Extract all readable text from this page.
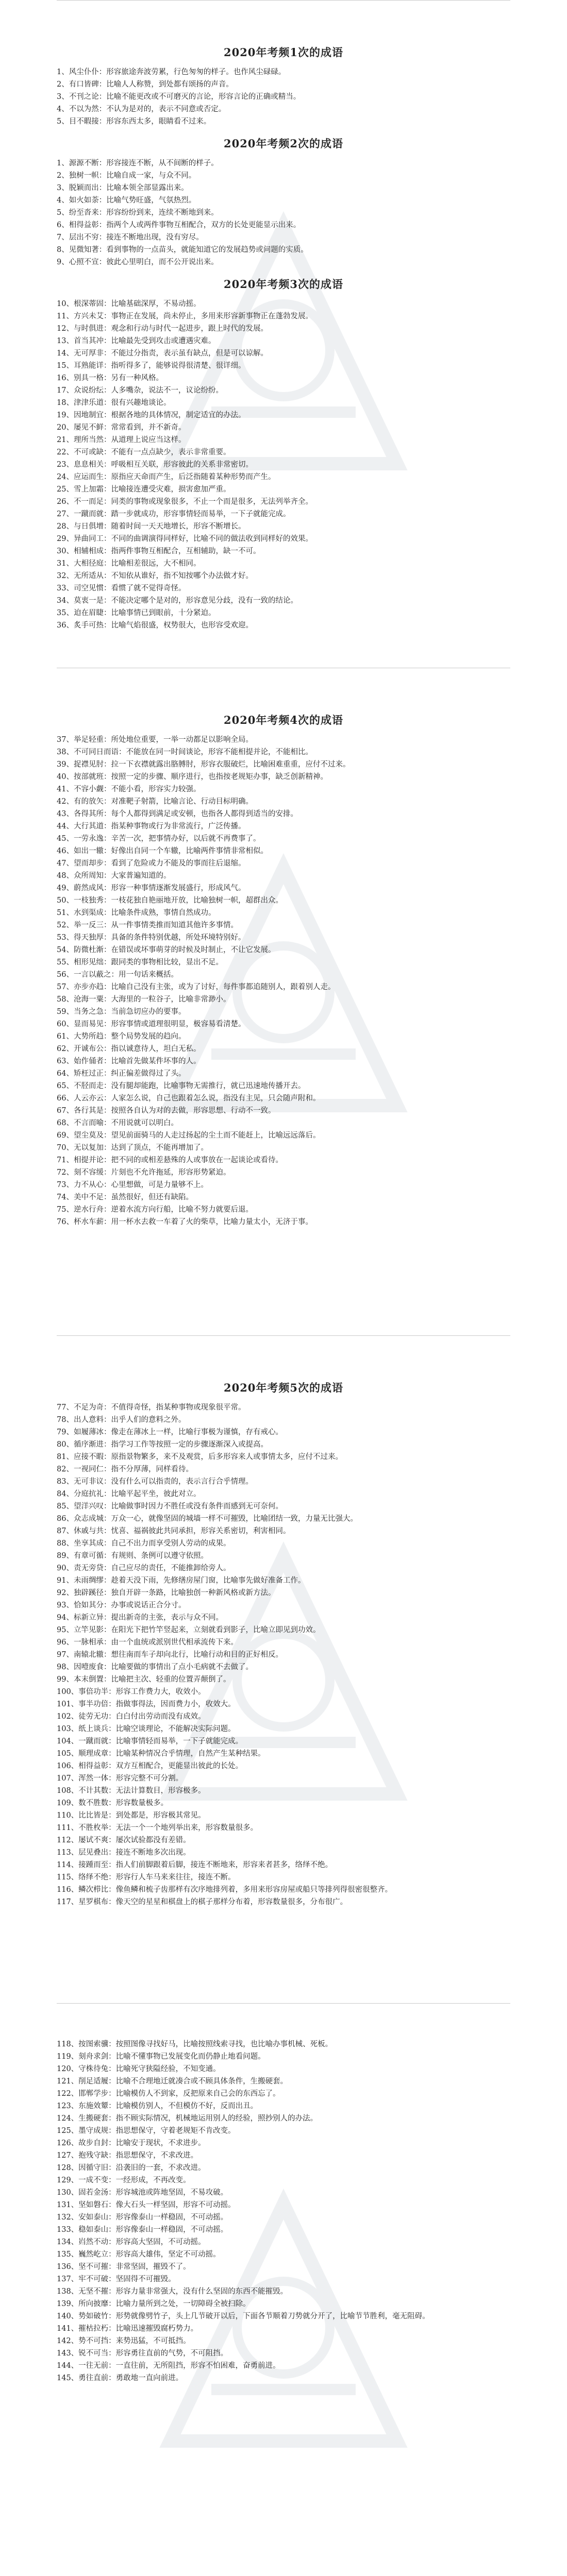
2020年考频1次的成语
1、风尘仆仆：形容旅途奔波劳累，行色匆匆的样子。也作风尘碌碌。
2、有口皆碑：比喻人人称赞，到处都有颂扬的声音。
3、不刊之论：比喻不能更改或不可磨灭的言论，形容言论的正确或精当。
4、不以为然：不认为是对的，表示不同意或否定。
5、目不暇接：形容东西太多，眼睛看不过来。
2020年考频2次的成语
1、源源不断：形容接连不断，从不间断的样子。
2、独树一帜：比喻自成一家，与众不同。
3、脱颖而出：比喻本领全部显露出来。
4、如火如荼：比喻气势旺盛，气氛热烈。
5、纷至沓来：形容纷纷到来，连续不断地到来。
6、相得益彰：指两个人或两件事物互相配合，双方的长处更能显示出来。
7、层出不穷：接连不断地出现，没有穷尽。
8、见微知著：看到事物的一点苗头，就能知道它的发展趋势或问题的实质。
9、心照不宣：彼此心里明白，而不公开说出来。
2020年考频3次的成语
10、根深蒂固：比喻基础深厚，不易动摇。
11、方兴未艾：事物正在发展，尚未停止，多用来形容新事物正在蓬勃发展。
12、与时俱进：观念和行动与时代一起进步，跟上时代的发展。
13、首当其冲：比喻最先受到攻击或遭遇灾难。
14、无可厚非：不能过分指责，表示虽有缺点，但是可以谅解。
15、耳熟能详：指听得多了，能够说得很清楚、很详细。
16、别具一格：另有一种风格。
17、众说纷纭：人多嘴杂，说法不一，议论纷纷。
18、津津乐道：很有兴趣地谈论。
19、因地制宜：根据各地的具体情况，制定适宜的办法。
20、屡见不鲜：常常看到，并不新奇。
21、理所当然：从道理上说应当这样。
22、不可或缺：不能有一点点缺少，表示非常重要。
23、息息相关：呼吸相互关联，形容彼此的关系非常密切。
24、应运而生：原指应天命而产生，后泛指随着某种形势而产生。
25、雪上加霜：比喻接连遭受灾难，损害愈加严重。
26、不一而足：同类的事物或现象很多，不止一个而是很多，无法列举齐全。
27、一蹴而就：踏一步就成功，形容事情轻而易举，一下子就能完成。
28、与日俱增：随着时间一天天地增长，形容不断增长。
29、异曲同工：不同的曲调演得同样好，比喻不同的做法收到同样好的效果。
30、相辅相成：指两件事物互相配合，互相辅助，缺一不可。
31、大相径庭：比喻相差很远，大不相同。
32、无所适从：不知依从谁好，指不知按哪个办法做才好。
33、司空见惯：看惯了就不觉得奇怪。
34、莫衷一是：不能决定哪个是对的，形容意见分歧，没有一致的结论。
35、迫在眉睫：比喻事情已到眼前，十分紧迫。
36、炙手可热：比喻气焰很盛，权势很大，也形容受欢迎。
2020年考频4次的成语
37、举足轻重：所处地位重要，一举一动都足以影响全局。
38、不可同日而语：不能放在同一时间谈论，形容不能相提并论，不能相比。
39、捉襟见肘：拉一下衣襟就露出胳膊肘，形容衣服破烂，比喻困难重重，应付不过来。
40、按部就班：按照一定的步骤、顺序进行，也指按老规矩办事，缺乏创新精神。
41、不容小觑：不能小看，形容实力较强。
42、有的放矢：对准靶子射箭，比喻言论、行动目标明确。
43、各得其所：每个人都得到满足或安顿，也指各人都得到适当的安排。
44、大行其道：指某种事物或行为非常流行，广泛传播。
45、一劳永逸：辛苦一次，把事情办好，以后就不再费事了。
46、如出一辙：好像出自同一个车辙，比喻两件事情非常相似。
47、望而却步：看到了危险或力不能及的事而往后退缩。
48、众所周知：大家普遍知道的。
49、蔚然成风：形容一种事情逐渐发展盛行，形成风气。
50、一枝独秀：一枝花独自艳丽地开放，比喻独树一帜，超群出众。
51、水到渠成：比喻条件成熟，事情自然成功。
52、举一反三：从一件事情类推而知道其他许多事情。
53、得天独厚：具备的条件特别优越，所处环境特别好。
54、防微杜渐：在错误或坏事萌芽的时候及时制止，不让它发展。
55、相形见绌：跟同类的事物相比较，显出不足。
56、一言以蔽之：用一句话来概括。
57、亦步亦趋：比喻自己没有主张，或为了讨好，每件事都追随别人，跟着别人走。
58、沧海一粟：大海里的一粒谷子，比喻非常渺小。
59、当务之急：当前急切应办的要事。
60、显而易见：形容事情或道理很明显，极容易看清楚。
61、大势所趋：整个局势发展的趋向。
62、开诚布公：指以诚意待人，坦白无私。
63、始作俑者：比喻首先做某件坏事的人。
64、矫枉过正：纠正偏差做得过了头。
65、不胫而走：没有腿却能跑，比喻事物无需推行，就已迅速地传播开去。
66、人云亦云：人家怎么说，自己也跟着怎么说，指没有主见，只会随声附和。
67、各行其是：按照各自认为对的去做，形容思想、行动不一致。
68、不言而喻：不用说就可以明白。
69、望尘莫及：望见前面骑马的人走过扬起的尘土而不能赶上，比喻远远落后。
70、无以复加：达到了顶点，不能再增加了。
71、相提并论：把不同的或相差悬殊的人或事放在一起谈论或看待。
72、刻不容缓：片刻也不允许拖延，形容形势紧迫。
73、力不从心：心里想做，可是力量够不上。
74、美中不足：虽然很好，但还有缺陷。
75、逆水行舟：逆着水流方向行船，比喻不努力就要后退。
76、杯水车薪：用一杯水去救一车着了火的柴草，比喻力量太小，无济于事。
2020年考频5次的成语
77、不足为奇：不值得奇怪，指某种事物或现象很平常。
78、出人意料：出乎人们的意料之外。
79、如履薄冰：像走在薄冰上一样，比喻行事极为谨慎，存有戒心。
80、循序渐进：指学习工作等按照一定的步骤逐渐深入或提高。
81、应接不暇：原指景物繁多，来不及观赏，后多形容来人或事情太多，应付不过来。
82、一视同仁：指不分厚薄，同样看待。
83、无可非议：没有什么可以指责的，表示言行合乎情理。
84、分庭抗礼：比喻平起平坐，彼此对立。
85、望洋兴叹：比喻做事时因力不胜任或没有条件而感到无可奈何。
86、众志成城：万众一心，就像坚固的城墙一样不可摧毁，比喻团结一致，力量无比强大。
87、休戚与共：忧喜、福祸彼此共同承担，形容关系密切，利害相同。
88、坐享其成：自己不出力而享受别人劳动的成果。
89、有章可循：有规则、条例可以遵守依照。
90、责无旁贷：自己应尽的责任，不能推卸给旁人。
91、未雨绸缪：趁着天没下雨，先修缮房屋门窗，比喻事先做好准备工作。
92、独辟蹊径：独自开辟一条路，比喻独创一种新风格或新方法。
93、恰如其分：办事或说话正合分寸。
94、标新立异：提出新奇的主张，表示与众不同。
95、立竿见影：在阳光下把竹竿竖起来，立刻就看到影子，比喻立即见到功效。
96、一脉相承：由一个血统或派别世代相承流传下来。
97、南辕北辙：想往南而车子却向北行，比喻行动和目的正好相反。
98、因噎废食：比喻要做的事情出了点小毛病就不去做了。
99、本末倒置：比喻把主次、轻重的位置弄颠倒了。
100、事倍功半：形容工作费力大，收效小。
101、事半功倍：指做事得法，因而费力小，收效大。
102、徒劳无功：白白付出劳动而没有成效。
103、纸上谈兵：比喻空谈理论，不能解决实际问题。
104、一蹴而就：比喻事情轻而易举，一下子就能完成。
105、顺理成章：比喻某种情况合乎情理，自然产生某种结果。
106、相得益彰：双方互相配合，更能显出彼此的长处。
107、浑然一体：形容完整不可分割。
108、不计其数：无法计算数目，形容极多。
109、数不胜数：形容数量极多。
110、比比皆是：到处都是，形容极其常见。
111、不胜枚举：无法一个一个地列举出来，形容数量很多。
112、屡试不爽：屡次试验都没有差错。
113、层见叠出：接连不断地多次出现。
114、接踵而至：指人们前脚跟着后脚，接连不断地来，形容来者甚多，络绎不绝。
115、络绎不绝：形容行人车马来来往往，接连不断。
116、鳞次栉比：像鱼鳞和梳子齿那样有次序地排列着，多用来形容房屋或船只等排列得很密很整齐。
117、星罗棋布：像天空的星星和棋盘上的棋子那样分布着，形容数量很多，分布很广。
118、按图索骥：按照图像寻找好马，比喻按照线索寻找，也比喻办事机械、死板。
119、刻舟求剑：比喻不懂事物已发展变化而仍静止地看问题。
120、守株待兔：比喻死守狭隘经验，不知变通。
121、削足适履：比喻不合理地迁就凑合或不顾具体条件，生搬硬套。
122、邯郸学步：比喻模仿人不到家，反把原来自己会的东西忘了。
123、东施效颦：比喻模仿别人，不但模仿不好，反而出丑。
124、生搬硬套：指不顾实际情况，机械地运用别人的经验，照抄别人的办法。
125、墨守成规：指思想保守，守着老规矩不肯改变。
126、故步自封：比喻安于现状，不求进步。
127、抱残守缺：指思想保守，不求改进。
128、因循守旧：沿袭旧的一套，不求改进。
129、一成不变：一经形成，不再改变。
130、固若金汤：形容城池或阵地坚固，不易攻破。
131、坚如磐石：像大石头一样坚固，形容不可动摇。
132、安如泰山：形容像泰山一样稳固，不可动摇。
133、稳如泰山：形容像泰山一样稳固，不可动摇。
134、岿然不动：形容高大坚固，不可动摇。
135、巍然屹立：形容高大雄伟，坚定不可动摇。
136、坚不可摧：非常坚固，摧毁不了。
137、牢不可破：坚固得不可摧毁。
138、无坚不摧：形容力量非常强大，没有什么坚固的东西不能摧毁。
139、所向披靡：比喻力量所到之处，一切障碍全被扫除。
140、势如破竹：形势就像劈竹子，头上几节破开以后，下面各节顺着刀势就分开了，比喻节节胜利，毫无阻碍。
141、摧枯拉朽：比喻迅速摧毁腐朽势力。
142、势不可挡：来势迅猛，不可抵挡。
143、锐不可当：形容勇往直前的气势，不可阻挡。
144、一往无前：一直往前，无所阻挡，形容不怕困难，奋勇前进。
145、勇往直前：勇敢地一直向前进。
